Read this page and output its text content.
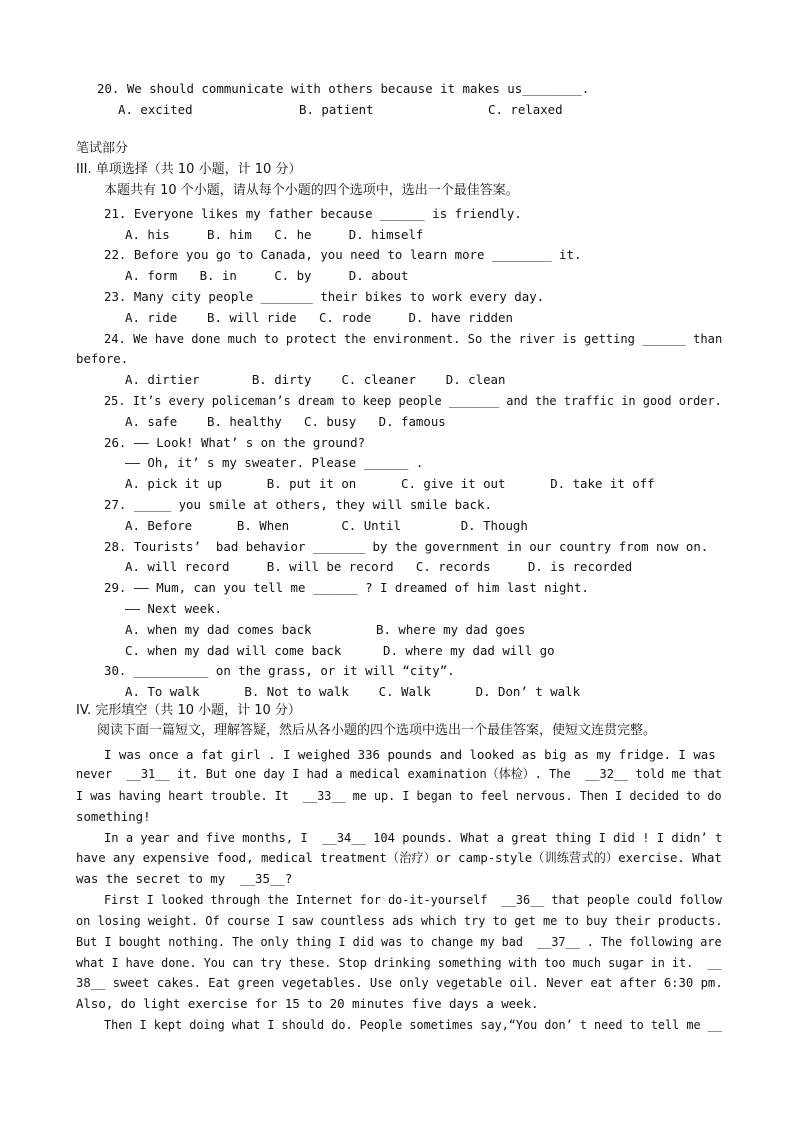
20. We should communicate with others because it makes us________.
A. excited	B. patient	C. relaxed
笔试部分
III. 单项选择（共 10 小题，计 10 分）
本题共有 10 个小题，请从每个小题的四个选项中，选出一个最佳答案。
21. Everyone likes my father because ______ is friendly.
A. his     B. him   C. he     D. himself
22. Before you go to Canada, you need to learn more ________ it.
A. form   B. in     C. by     D. about
23. Many city people _______ their bikes to work every day.
A. ride    B. will ride   C. rode     D. have ridden
24. We have done much to protect the environment. So the river is getting ______ than
before.
A. dirtier       B. dirty    C. cleaner    D. clean
25. It’s every policeman’s dream to keep people _______ and the traffic in good order.
A. safe    B. healthy   C. busy   D. famous
26. —— Look! What’ s on the ground?
—— Oh, it’ s my sweater. Please ______ .
A. pick it up      B. put it on      C. give it out      D. take it off
27. _____ you smile at others, they will smile back.
A. Before      B. When       C. Until        D. Though
28. Tourists’  bad behavior _______ by the government in our country from now on.
A. will record     B. will be record   C. records     D. is recorded
29. —— Mum, can you tell me ______ ? I dreamed of him last night.
—— Next week.
A. when my dad comes back	B. where my dad goes
C. when my dad will come back	D. where my dad will go
30. __________ on the grass, or it will “city”.
A. To walk      B. Not to walk    C. Walk      D. Don’ t walk
IV. 完形填空（共 10 小题，计 10 分）
阅读下面一篇短文，理解答疑，然后从各小题的四个选项中选出一个最佳答案，使短文连贯完整。
I was once a fat girl . I weighed 336 pounds and looked as big as my fridge. I was
never  __31__ it. But one day I had a medical examination（体检）. The  __32__ told me that
I was having heart trouble. It  __33__ me up. I began to feel nervous. Then I decided to do
something!
In a year and five months, I  __34__ 104 pounds. What a great thing I did ! I didn’ t
have any expensive food, medical treatment（治疗）or camp-style（训练营式的）exercise. What
was the secret to my  __35__?
First I looked through the Internet for do-it-yourself  __36__ that people could follow
on losing weight. Of course I saw countless ads which try to get me to buy their products.
But I bought nothing. The only thing I did was to change my bad  __37__ . The following are
what I have done. You can try these. Stop drinking something with too much sugar in it.  __
38__ sweet cakes. Eat green vegetables. Use only vegetable oil. Never eat after 6:30 pm.
Also, do light exercise for 15 to 20 minutes five days a week.
Then I kept doing what I should do. People sometimes say,“You don’ t need to tell me __
